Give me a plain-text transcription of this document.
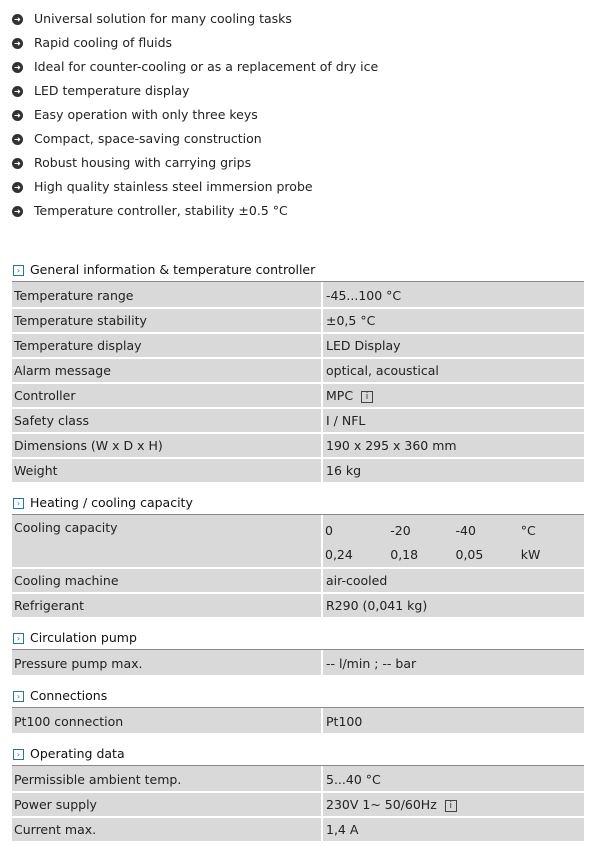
➜ Universal solution for many cooling tasks
➜ Rapid cooling of fluids
➜ Ideal for counter-cooling or as a replacement of dry ice
➜ LED temperature display
➜ Easy operation with only three keys
➜ Compact, space-saving construction
➜ Robust housing with carrying grips
➜ High quality stainless steel immersion probe
➜ Temperature controller, stability ±0.5 °C
› General information & temperature controller
Temperature range	-45...100 °C
Temperature stability	±0,5 °C
Temperature display	LED Display
Alarm message	optical, acoustical
Controller	MPC i
Safety class	I / NFL
Dimensions (W x D x H)	190 x 295 x 360 mm
Weight	16 kg
› Heating / cooling capacity
Cooling capacity		0	-20	-40	°C
0,24	0,18	0,05	kW

Cooling machine	air-cooled
Refrigerant	R290 (0,041 kg)
› Circulation pump
Pressure pump max.	-- l/min ; -- bar
› Connections
Pt100 connection	Pt100
› Operating data
Permissible ambient temp.	5...40 °C
Power supply	230V 1~ 50/60Hz i
Current max.	1,4 A
